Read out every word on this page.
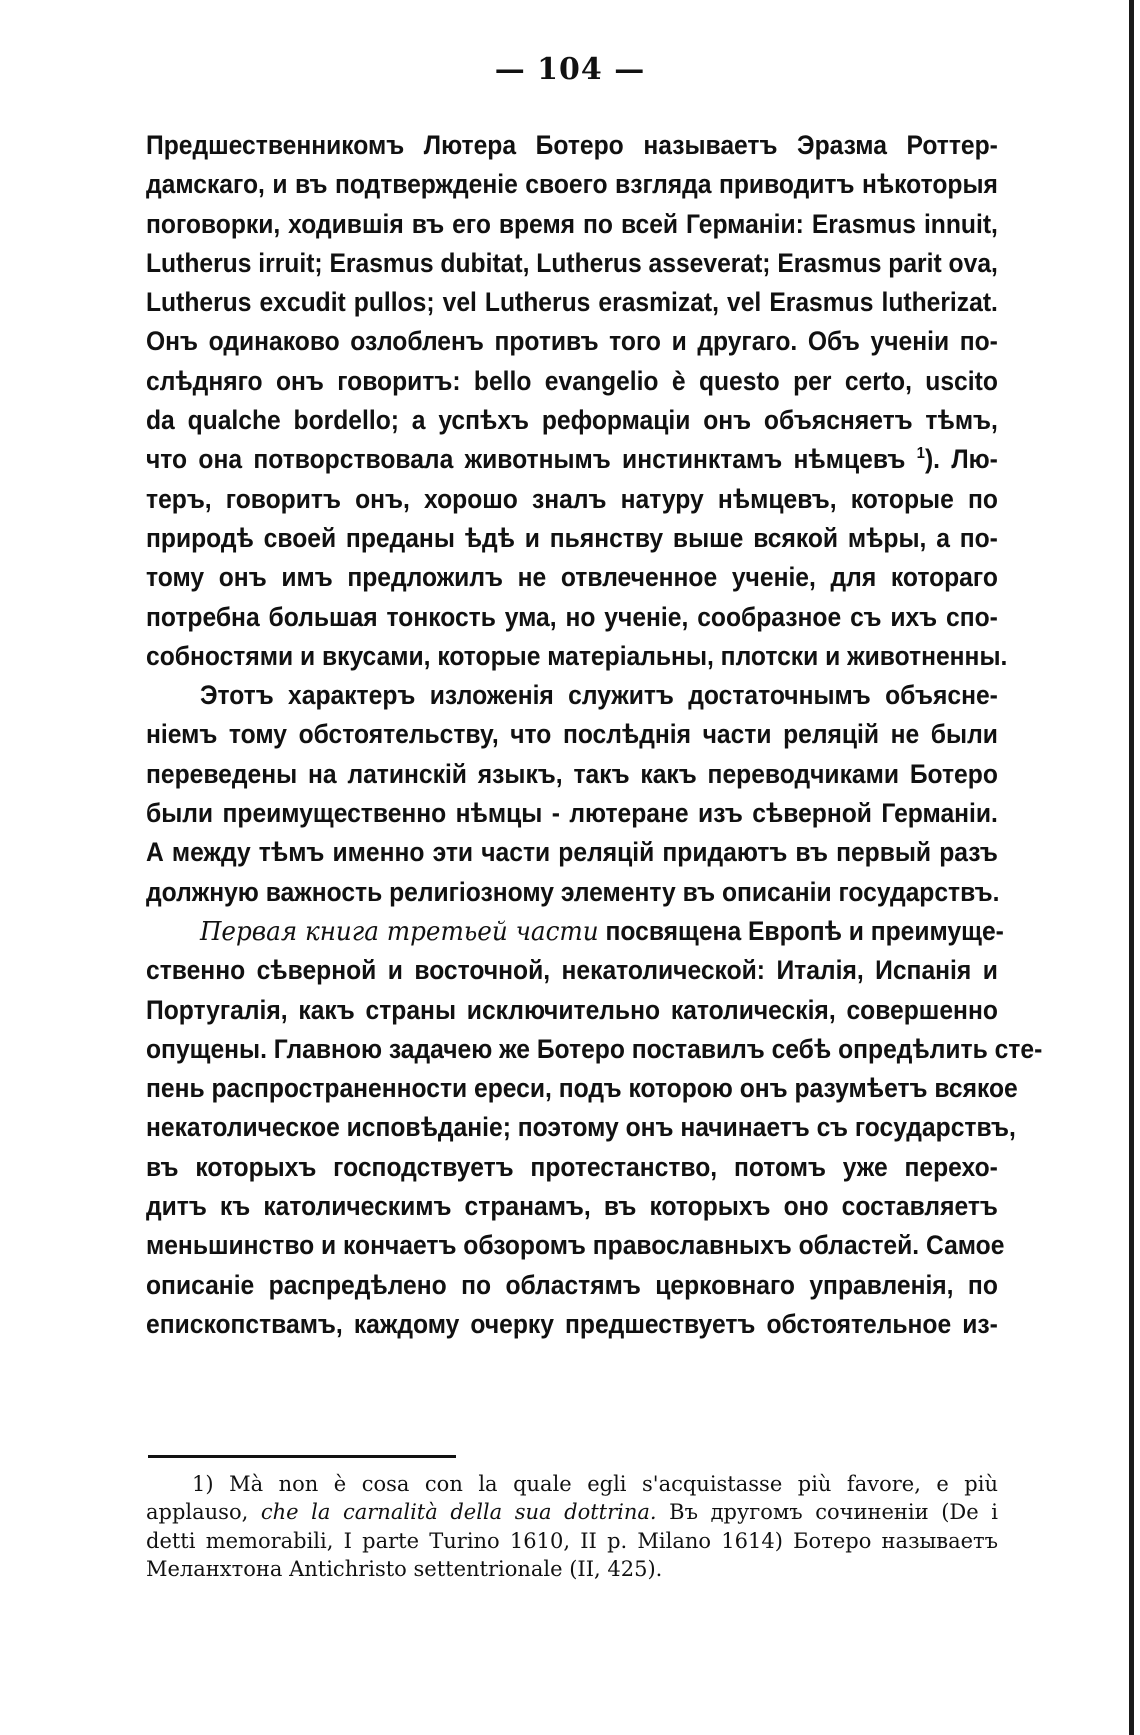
— 104 —
Предшественникомъ Лютера Ботеро называетъ Эразма Роттер-
дамскаго, и въ подтвержденіе своего взгляда приводитъ нѣкоторыя
поговорки, ходившія въ его время по всей Германіи: Erasmus innuit,
Lutherus irruit; Erasmus dubitat, Lutherus asseverat; Erasmus parit ova,
Lutherus excudit pullos; vel Lutherus erasmizat, vel Erasmus lutherizat.
Онъ одинаково озлобленъ противъ того и другаго. Объ ученіи по-
слѣдняго онъ говоритъ: bello evangelio è questo per certo, uscito
da qualche bordello; а успѣхъ реформаціи онъ объясняетъ тѣмъ,
что она потворствовала животнымъ инстинктамъ нѣмцевъ $^1$). Лю-
теръ, говоритъ онъ, хорошо зналъ натуру нѣмцевъ, которые по
природѣ своей преданы ѣдѣ и пьянству выше всякой мѣры, а по-
тому онъ имъ предложилъ не отвлеченное ученіе, для котораго
потребна большая тонкость ума, но ученіе, сообразное съ ихъ спо-
собностями и вкусами, которые матеріальны, плотски и животненны.
Этотъ характеръ изложенія служитъ достаточнымъ объясне-
ніемъ тому обстоятельству, что послѣднія части реляцій не были
переведены на латинскій языкъ, такъ какъ переводчиками Ботеро
были преимущественно нѣмцы - лютеране изъ сѣверной Германіи.
А между тѣмъ именно эти части реляцій придаютъ въ первый разъ
должную важность религіозному элементу въ описаніи государствъ.
Первая книга третьей части посвящена Европѣ и преимуще-
ственно сѣверной и восточной, некатолической: Италія, Испанія и
Португалія, какъ страны исключительно католическія, совершенно
опущены. Главною задачею же Ботеро поставилъ себѣ опредѣлить сте-
пень распространенности ереси, подъ которою онъ разумѣетъ всякое
некатолическое исповѣданіе; поэтому онъ начинаетъ съ государствъ,
въ которыхъ господствуетъ протестанство, потомъ уже перехо-
дитъ къ католическимъ странамъ, въ которыхъ оно составляетъ
меньшинство и кончаетъ обзоромъ православныхъ областей. Самое
описаніе распредѣлено по областямъ церковнаго управленія, по
епископствамъ, каждому очерку предшествуетъ обстоятельное из-
1) Mà non è cosa con la quale egli s'acquistasse più favore, e più
applauso, che la carnalità della sua dottrina. Въ другомъ сочиненіи (De i
detti memorabili, I parte Turino 1610, II p. Milano 1614) Ботеро называетъ
Меланхтона Antichristo settentrionale (II, 425).
